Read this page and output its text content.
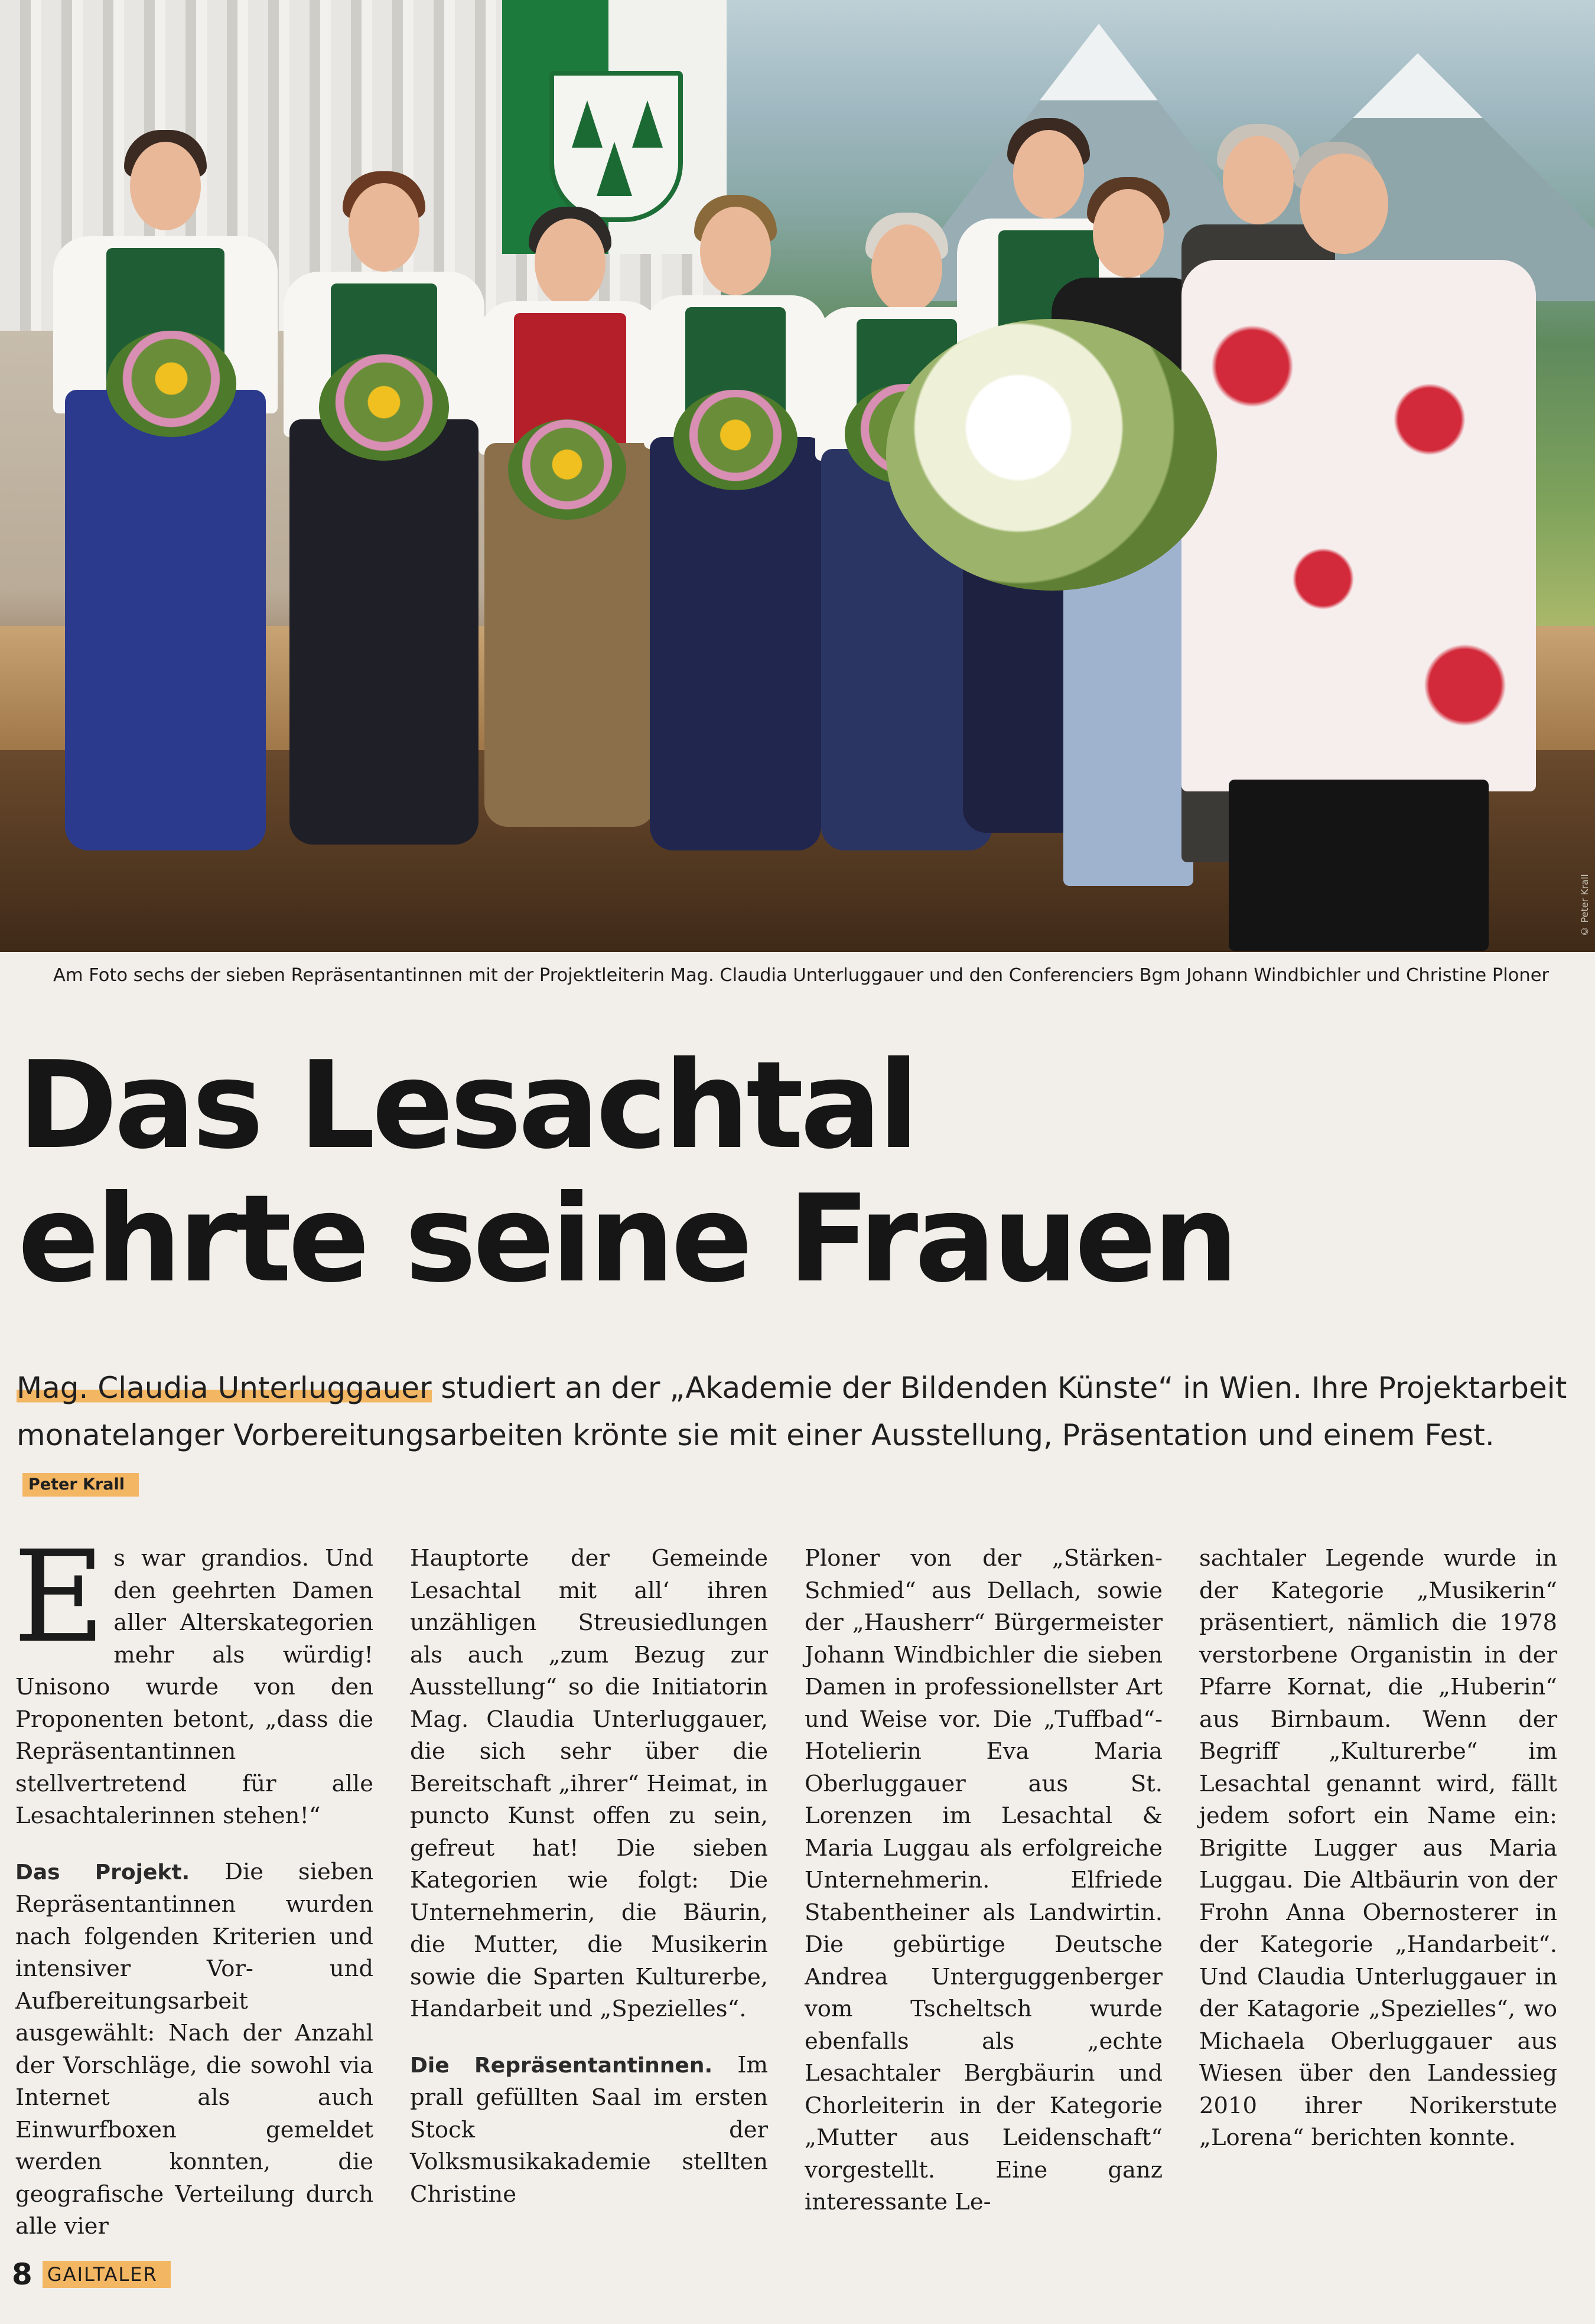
© Peter Krall
Am Foto sechs der sieben Repräsentantinnen mit der Projektleiterin Mag. Claudia Unterluggauer und den Conferenciers Bgm Johann Windbichler und Christine Ploner
Das Lesachtal
ehrte seine Frauen
Mag. Claudia Unterluggauer studiert an der „Akademie der Bildenden Künste“ in Wien. Ihre Projektarbeit monatelanger Vorbereitungsarbeiten krönte sie mit einer Ausstellung, Präsentation und einem Fest.Peter Krall

Es war grandios. Und den geehrten Damen aller Alterskategorien mehr als würdig! Unisono wurde von den Proponenten betont, „dass die Repräsentantinnen stellvertretend für alle Lesachtalerinnen stehen!“

Das Projekt. Die sieben Repräsentantinnen wurden nach folgenden Kriterien und intensiver Vor- und Aufbereitungsarbeit ausgewählt: Nach der Anzahl der Vorschläge, die sowohl via Internet als auch Einwurfboxen gemeldet werden konnten, die geografische Verteilung durch alle vier

Hauptorte der Gemeinde Lesachtal mit all‘ ihren unzähligen Streusiedlungen als auch „zum Bezug zur Ausstellung“ so die Initiatorin Mag. Claudia Unterluggauer, die sich sehr über die Bereitschaft „ihrer“ Heimat, in puncto Kunst offen zu sein, gefreut hat! Die sieben Kategorien wie folgt: Die Unternehmerin, die Bäurin, die Mutter, die Musikerin sowie die Sparten Kulturerbe, Handarbeit und „Spezielles“.

Die Repräsentantinnen. Im prall gefüllten Saal im ersten Stock der Volksmusikakademie stellten Christine

Ploner von der „Stärken-Schmied“ aus Dellach, sowie der „Hausherr“ Bürgermeister Johann Windbichler die sieben Damen in professionellster Art und Weise vor. Die „Tuffbad“-Hotelierin Eva Maria Oberluggauer aus St. Lorenzen im Lesachtal & Maria Luggau als erfolgreiche Unternehmerin. Elfriede Stabentheiner als Landwirtin. Die gebürtige Deutsche Andrea Unterguggenberger vom Tscheltsch wurde ebenfalls als „echte Lesachtaler Bergbäurin und Chorleiterin in der Kategorie „Mutter aus Leidenschaft“ vorgestellt. Eine ganz interessante Le-

sachtaler Legende wurde in der Kategorie „Musikerin“ präsentiert, nämlich die 1978 verstorbene Organistin in der Pfarre Kornat, die „Huberin“ aus Birnbaum. Wenn der Begriff „Kulturerbe“ im Lesachtal genannt wird, fällt jedem sofort ein Name ein: Brigitte Lugger aus Maria Luggau. Die Altbäurin von der Frohn Anna Obernosterer in der Kategorie „Handarbeit“. Und Claudia Unterluggauer in der Katagorie „Spezielles“, wo Michaela Oberluggauer aus Wiesen über den Landessieg 2010 ihrer Norikerstute „Lorena“ berichten konnte.

8 GAILTALER
